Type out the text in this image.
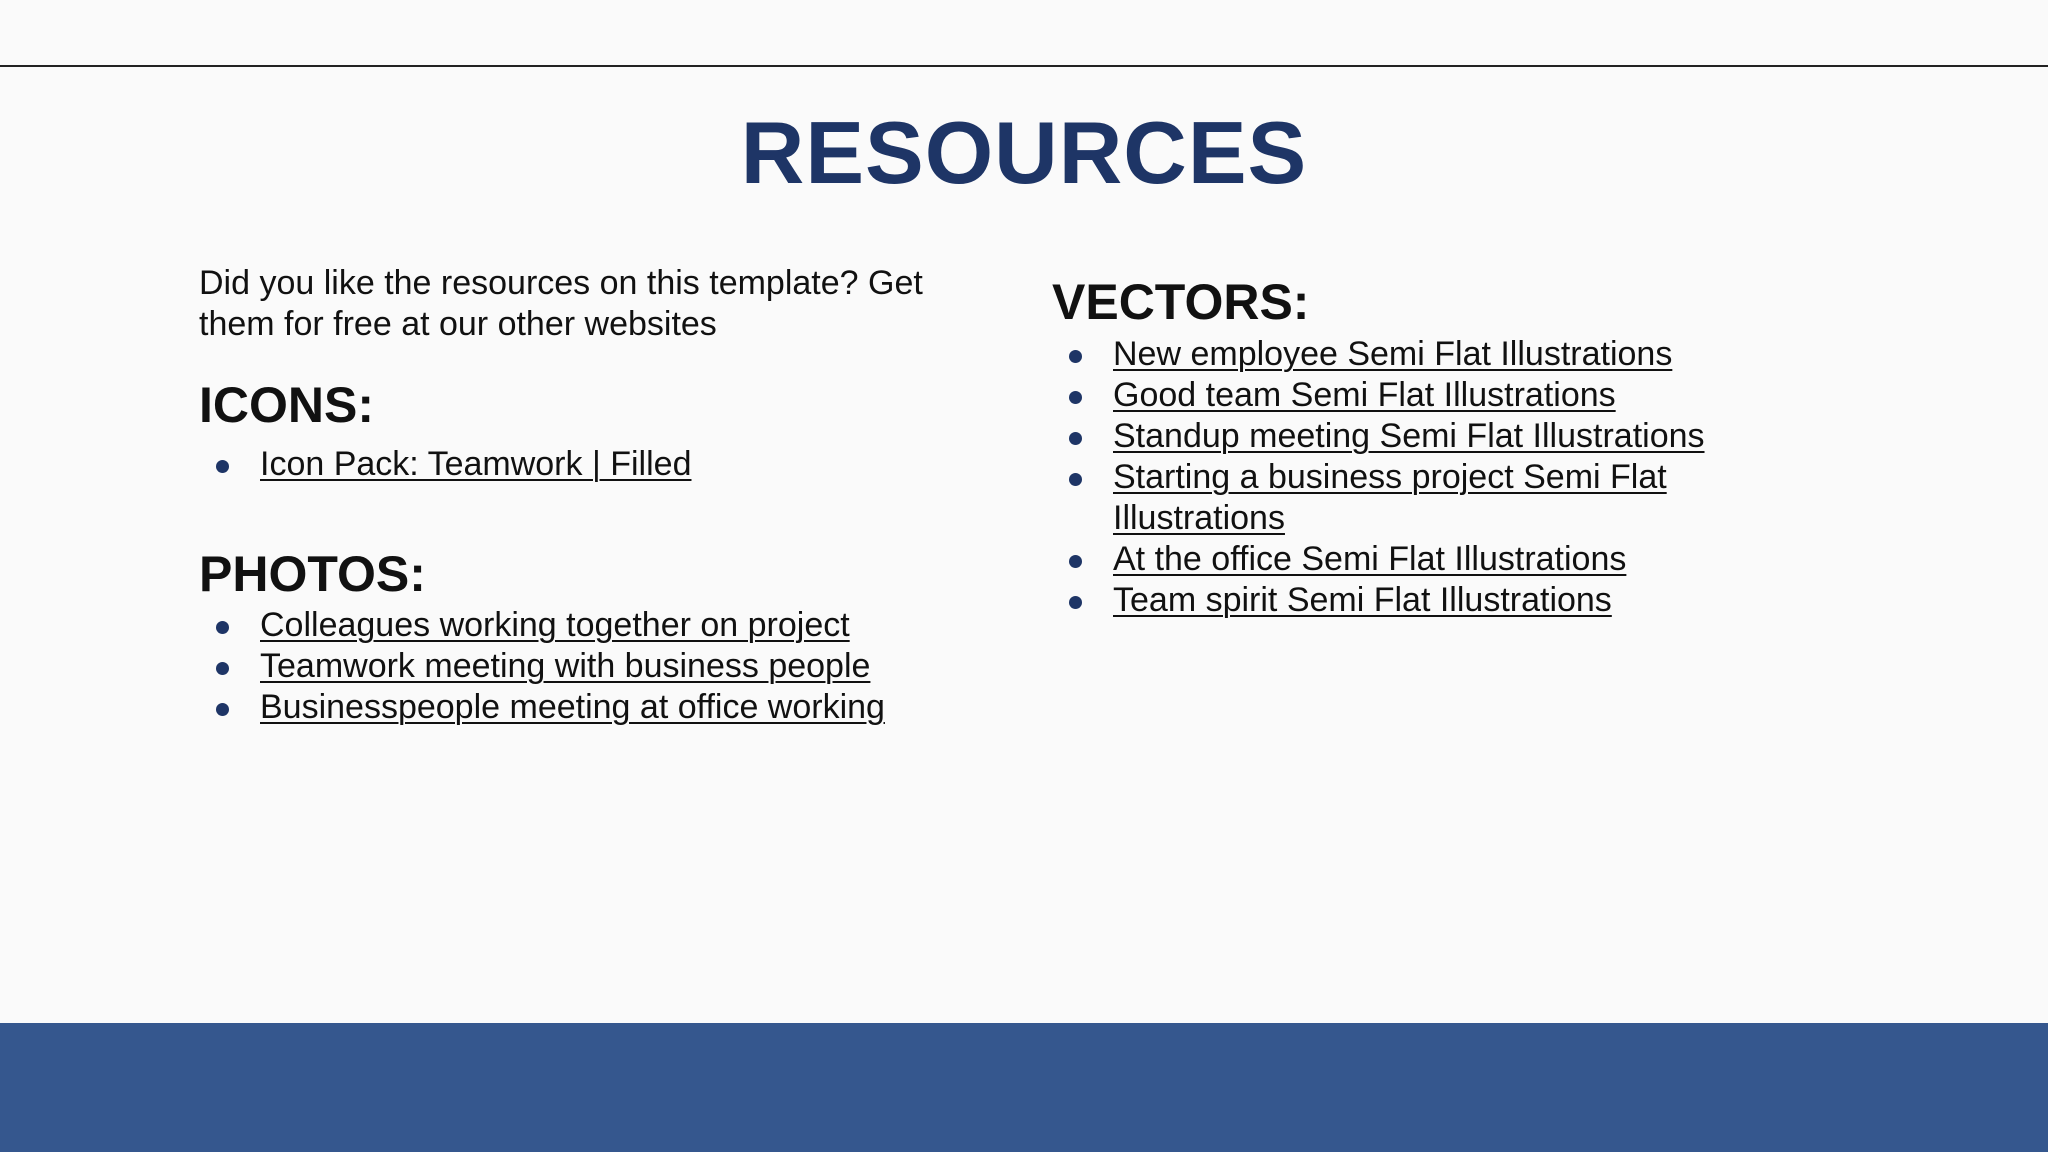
RESOURCES
Did you like the resources on this template? Get them for free at our other websites
ICONS:
Icon Pack: Teamwork | Filled
PHOTOS:
Colleagues working together on project
Teamwork meeting with business people
Businesspeople meeting at office working
VECTORS:
New employee Semi Flat Illustrations
Good team Semi Flat Illustrations
Standup meeting Semi Flat Illustrations
Starting a business project Semi Flat Illustrations
At the office Semi Flat Illustrations
Team spirit Semi Flat Illustrations
